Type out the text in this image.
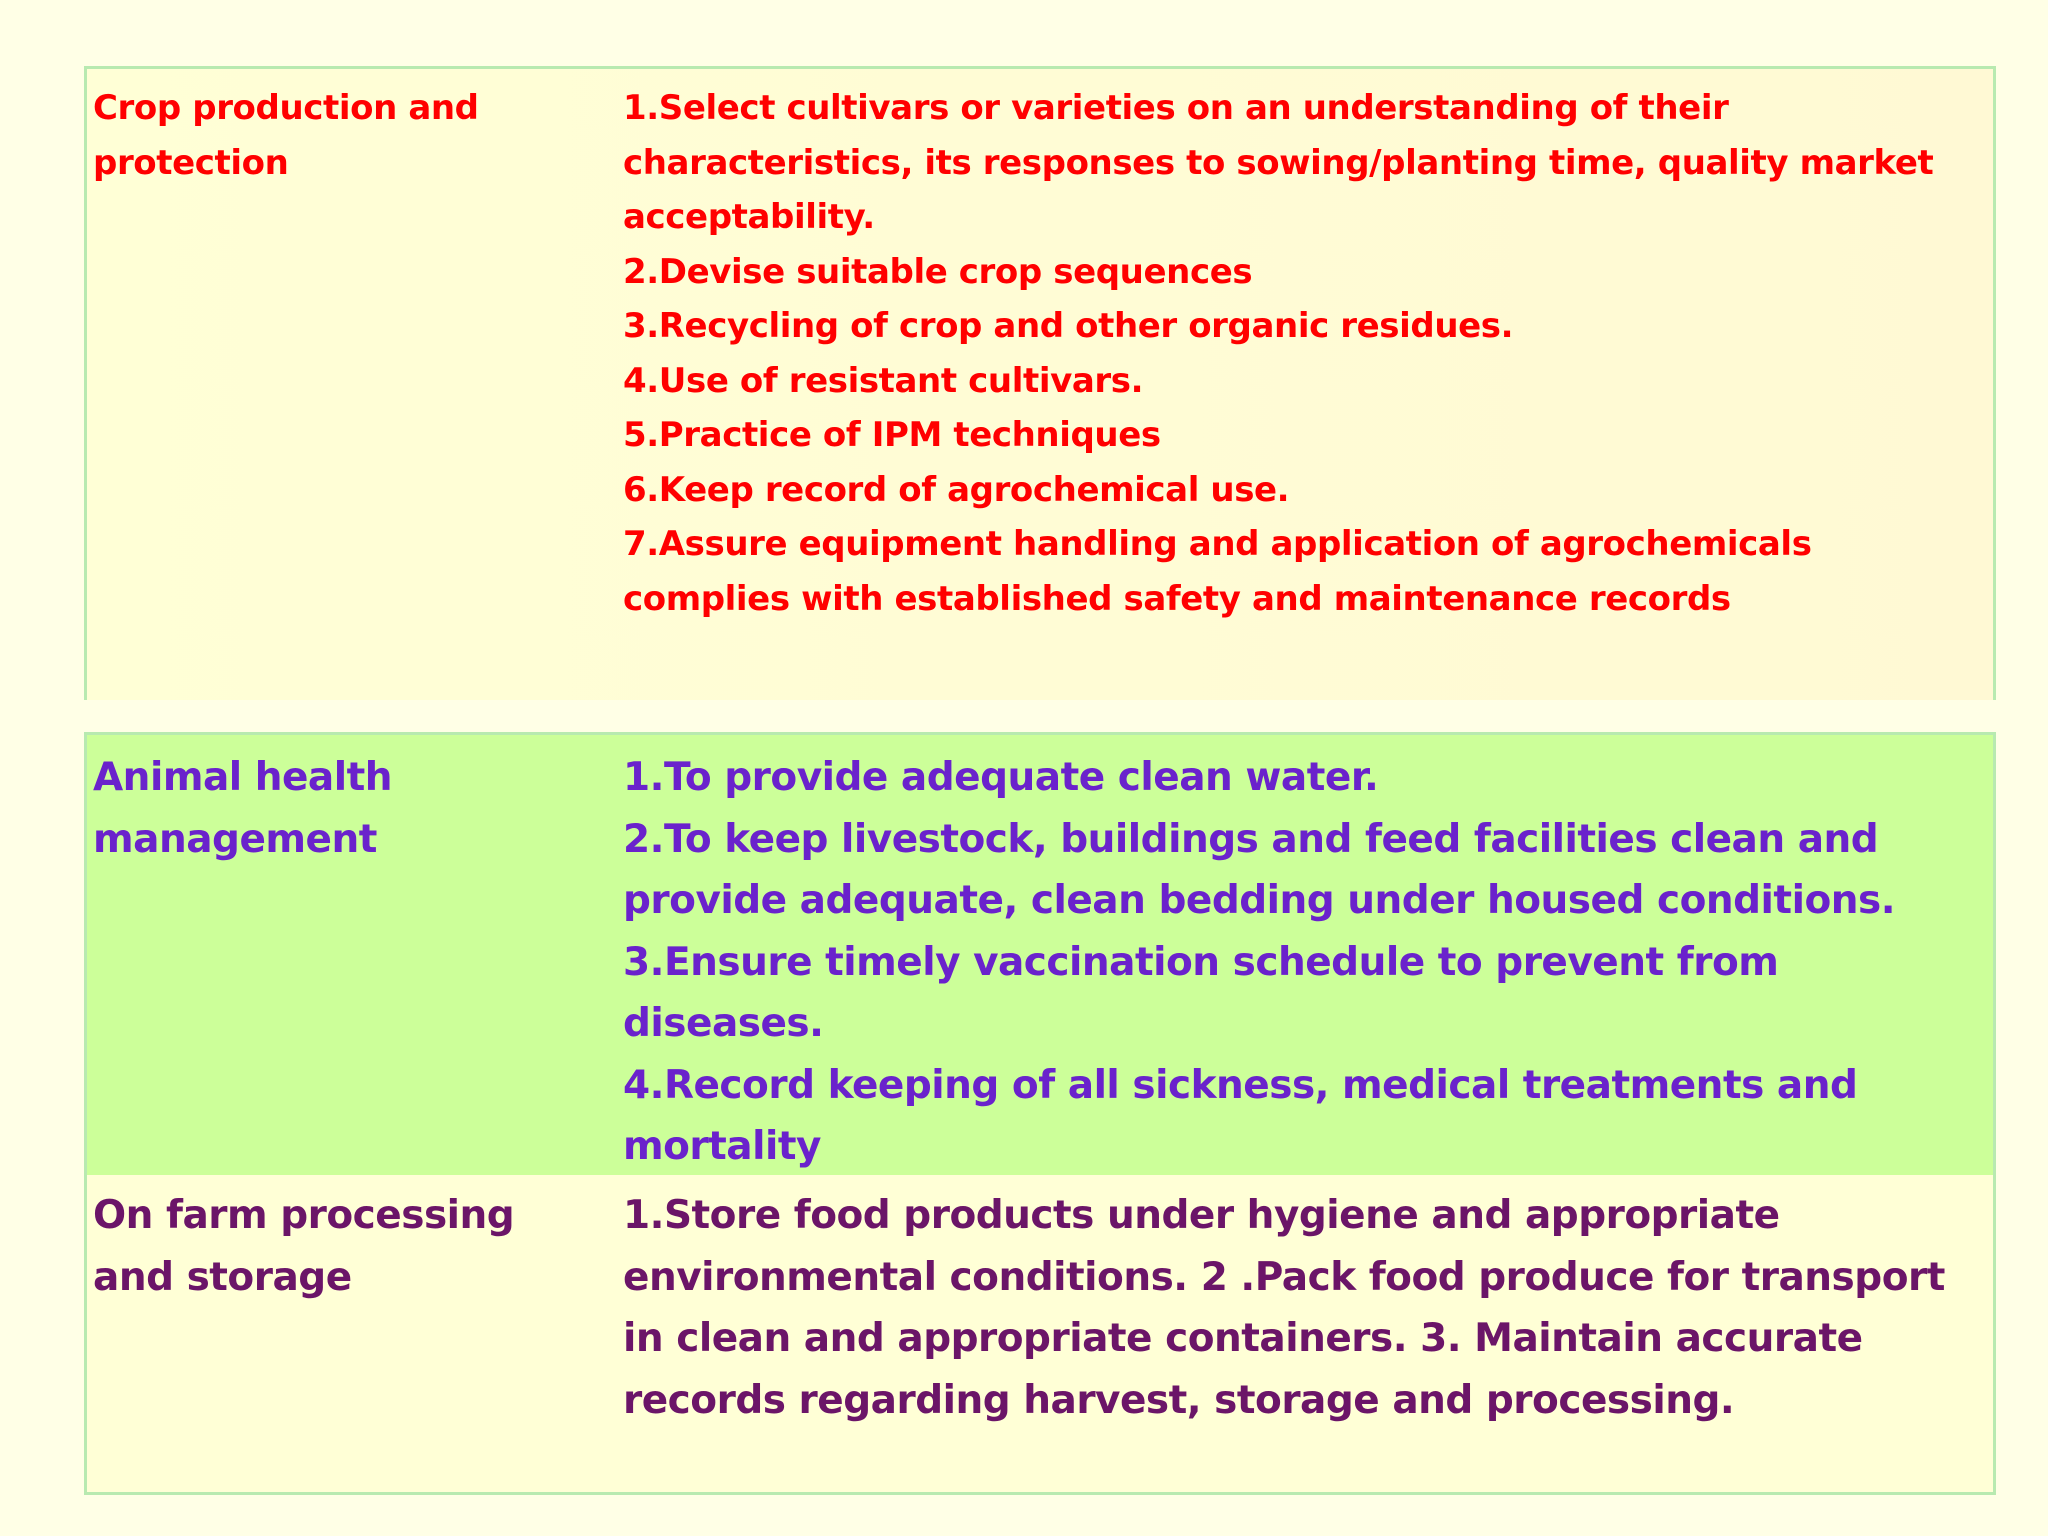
Crop production and protection

1.Select cultivars or varieties on an understanding of their characteristics, its responses to sowing/planting time, quality market acceptability.

2.Devise suitable crop sequences

3.Recycling of crop and other organic residues.

4.Use of resistant cultivars.

5.Practice of IPM techniques

6.Keep record of agrochemical use.

7.Assure equipment handling and application of agrochemicals complies with established safety and maintenance records

Animal health management

1.To provide adequate clean water.

2.To keep livestock, buildings and feed facilities clean and provide adequate, clean bedding under housed conditions.

3.Ensure timely vaccination schedule to prevent from diseases.

4.Record keeping of all sickness, medical treatments and mortality

On farm processing and storage

1.Store food products under hygiene and appropriate environmental conditions. 2 .Pack food produce for transport in clean and appropriate containers. 3. Maintain accurate records regarding harvest, storage and processing.
